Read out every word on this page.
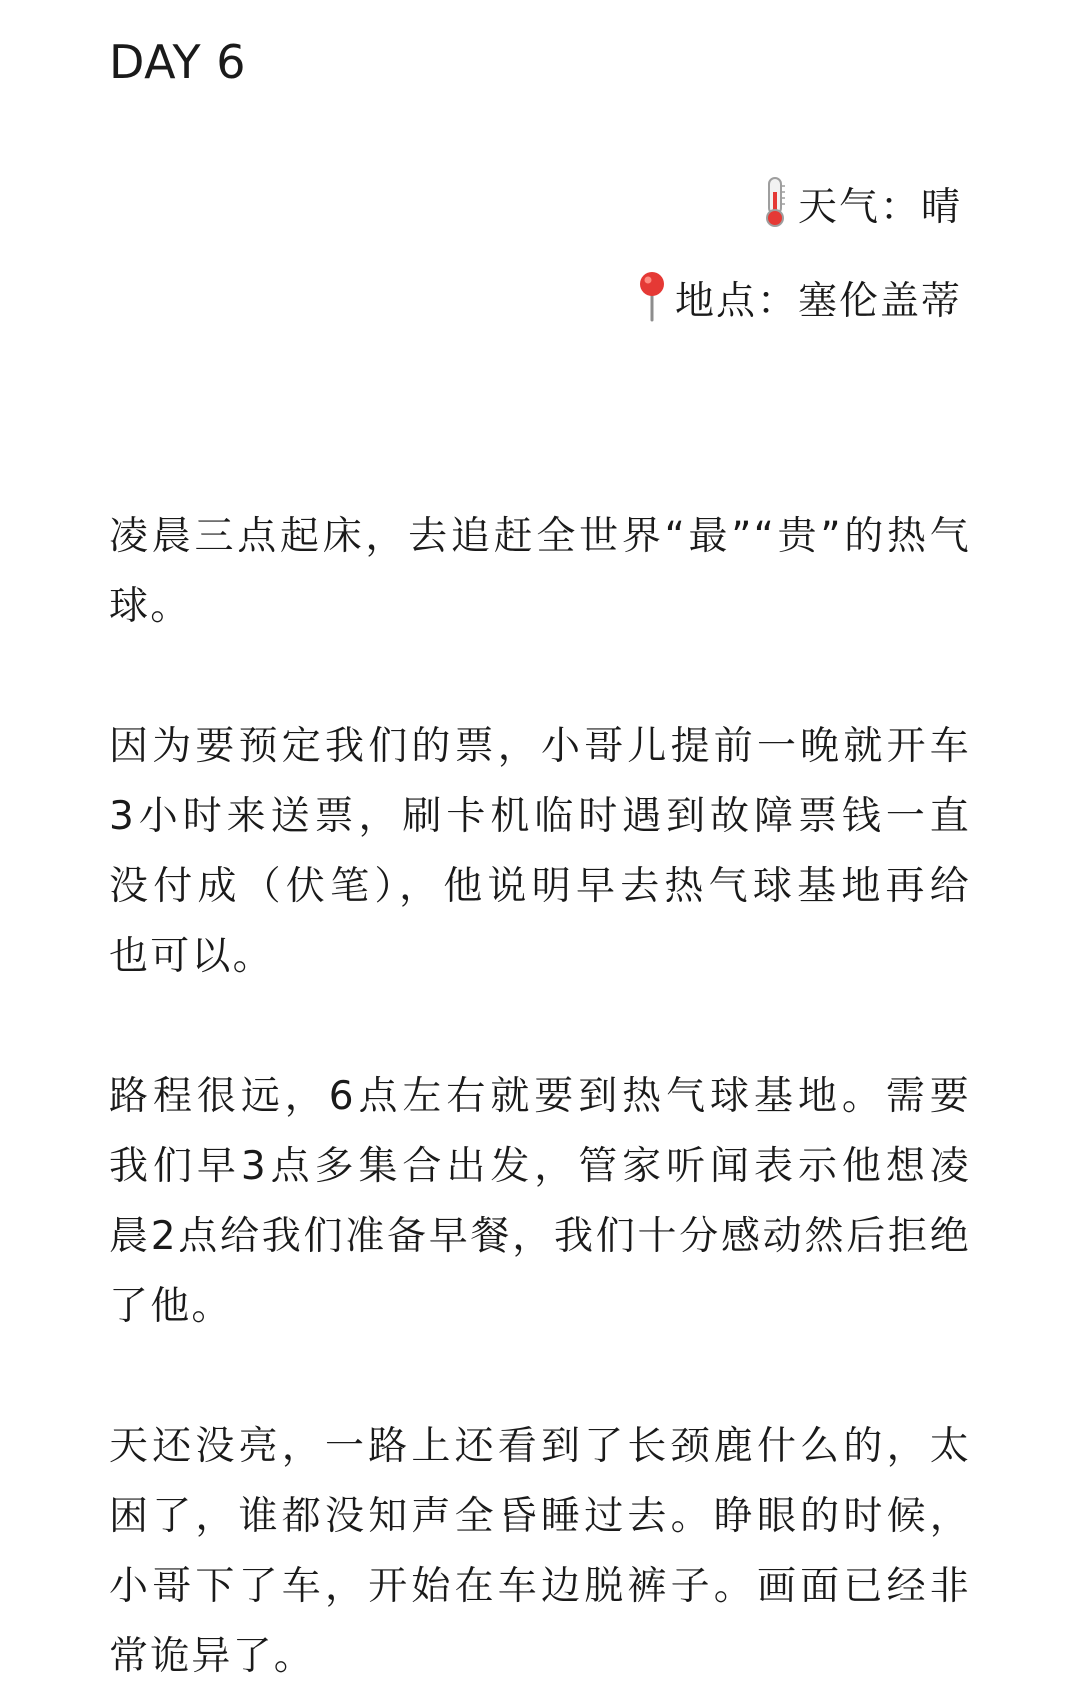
DAY 6
天气：晴
地点：塞伦盖蒂

凌晨三点起床，去追赶全世界“最”“贵”的热气
球。

因为要预定我们的票，小哥儿提前一晚就开车
3小时来送票，刷卡机临时遇到故障票钱一直
没付成（伏笔），他说明早去热气球基地再给
也可以。

路程很远，6点左右就要到热气球基地。需要
我们早3点多集合出发，管家听闻表示他想凌
晨2点给我们准备早餐，我们十分感动然后拒绝
了他。

天还没亮，一路上还看到了长颈鹿什么的，太
困了，谁都没知声全昏睡过去。睁眼的时候，
小哥下了车，开始在车边脱裤子。画面已经非
常诡异了。
